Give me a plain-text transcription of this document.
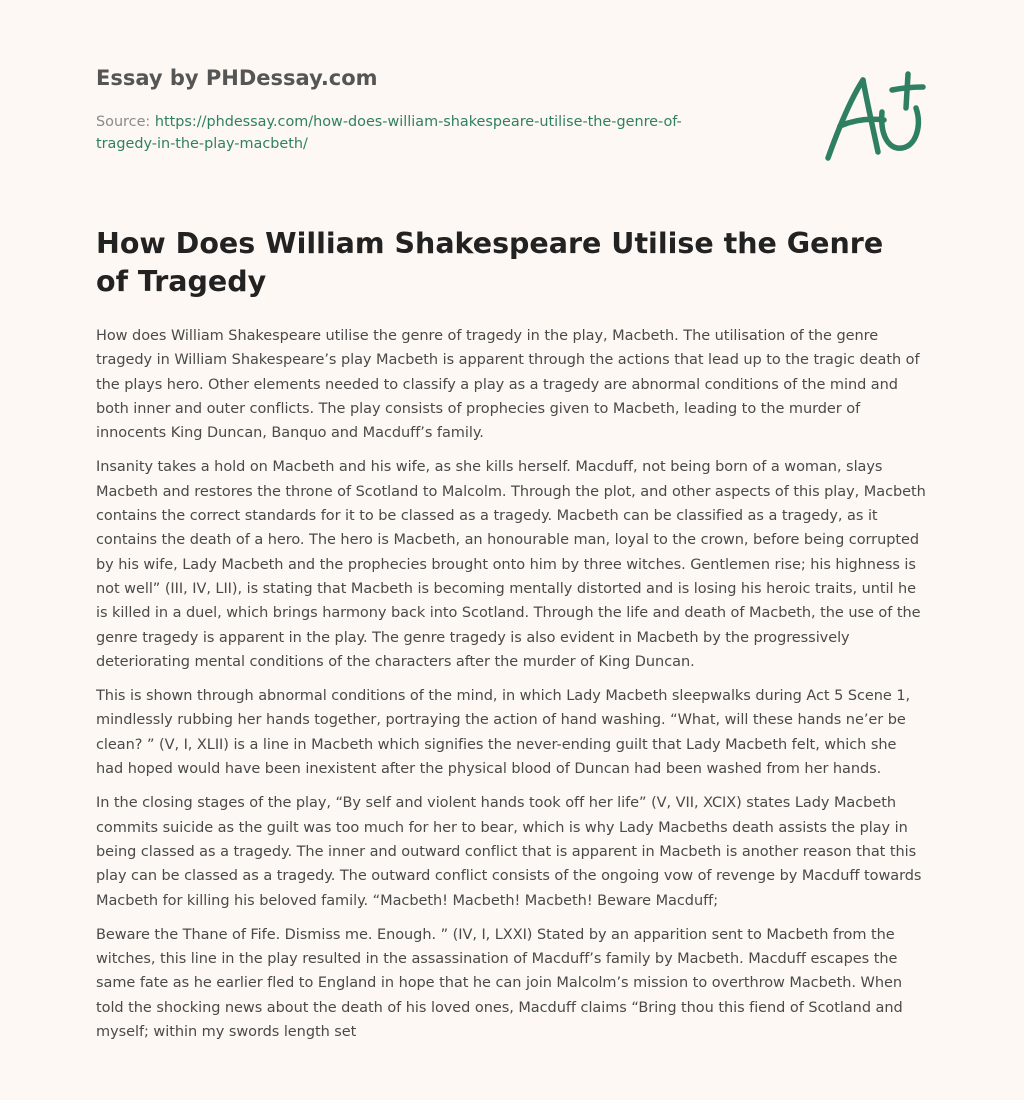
Essay by PHDessay.com
Source: https://phdessay.com/how-does-william-shakespeare-utilise-the-genre-of-tragedy-in-the-play-macbeth/
How Does William Shakespeare Utilise the Genre of Tragedy

How does William Shakespeare utilise the genre of tragedy in the play, Macbeth. The utilisation of the genre tragedy in William Shakespeare’s play Macbeth is apparent through the actions that lead up to the tragic death of the plays hero. Other elements needed to classify a play as a tragedy are abnormal conditions of the mind and both inner and outer conflicts. The play consists of prophecies given to Macbeth, leading to the murder of innocents King Duncan, Banquo and Macduff’s family.

Insanity takes a hold on Macbeth and his wife, as she kills herself. Macduff, not being born of a woman, slays Macbeth and restores the throne of Scotland to Malcolm. Through the plot, and other aspects of this play, Macbeth contains the correct standards for it to be classed as a tragedy. Macbeth can be classified as a tragedy, as it contains the death of a hero. The hero is Macbeth, an honourable man, loyal to the crown, before being corrupted by his wife, Lady Macbeth and the prophecies brought onto him by three witches. Gentlemen rise; his highness is not well” (III, IV, LII), is stating that Macbeth is becoming mentally distorted and is losing his heroic traits, until he is killed in a duel, which brings harmony back into Scotland. Through the life and death of Macbeth, the use of the genre tragedy is apparent in the play. The genre tragedy is also evident in Macbeth by the progressively deteriorating mental conditions of the characters after the murder of King Duncan.

This is shown through abnormal conditions of the mind, in which Lady Macbeth sleepwalks during Act 5 Scene 1, mindlessly rubbing her hands together, portraying the action of hand washing. “What, will these hands ne’er be clean? ” (V, I, XLII) is a line in Macbeth which signifies the never-ending guilt that Lady Macbeth felt, which she had hoped would have been inexistent after the physical blood of Duncan had been washed from her hands.

In the closing stages of the play, “By self and violent hands took off her life” (V, VII, XCIX) states Lady Macbeth commits suicide as the guilt was too much for her to bear, which is why Lady Macbeths death assists the play in being classed as a tragedy. The inner and outward conflict that is apparent in Macbeth is another reason that this play can be classed as a tragedy. The outward conflict consists of the ongoing vow of revenge by Macduff towards Macbeth for killing his beloved family. “Macbeth! Macbeth! Macbeth! Beware Macduff;

Beware the Thane of Fife. Dismiss me. Enough. ” (IV, I, LXXI) Stated by an apparition sent to Macbeth from the witches, this line in the play resulted in the assassination of Macduff’s family by Macbeth. Macduff escapes the same fate as he earlier fled to England in hope that he can join Malcolm’s mission to overthrow Macbeth. When told the shocking news about the death of his loved ones, Macduff claims “Bring thou this fiend of Scotland and myself; within my swords length set
